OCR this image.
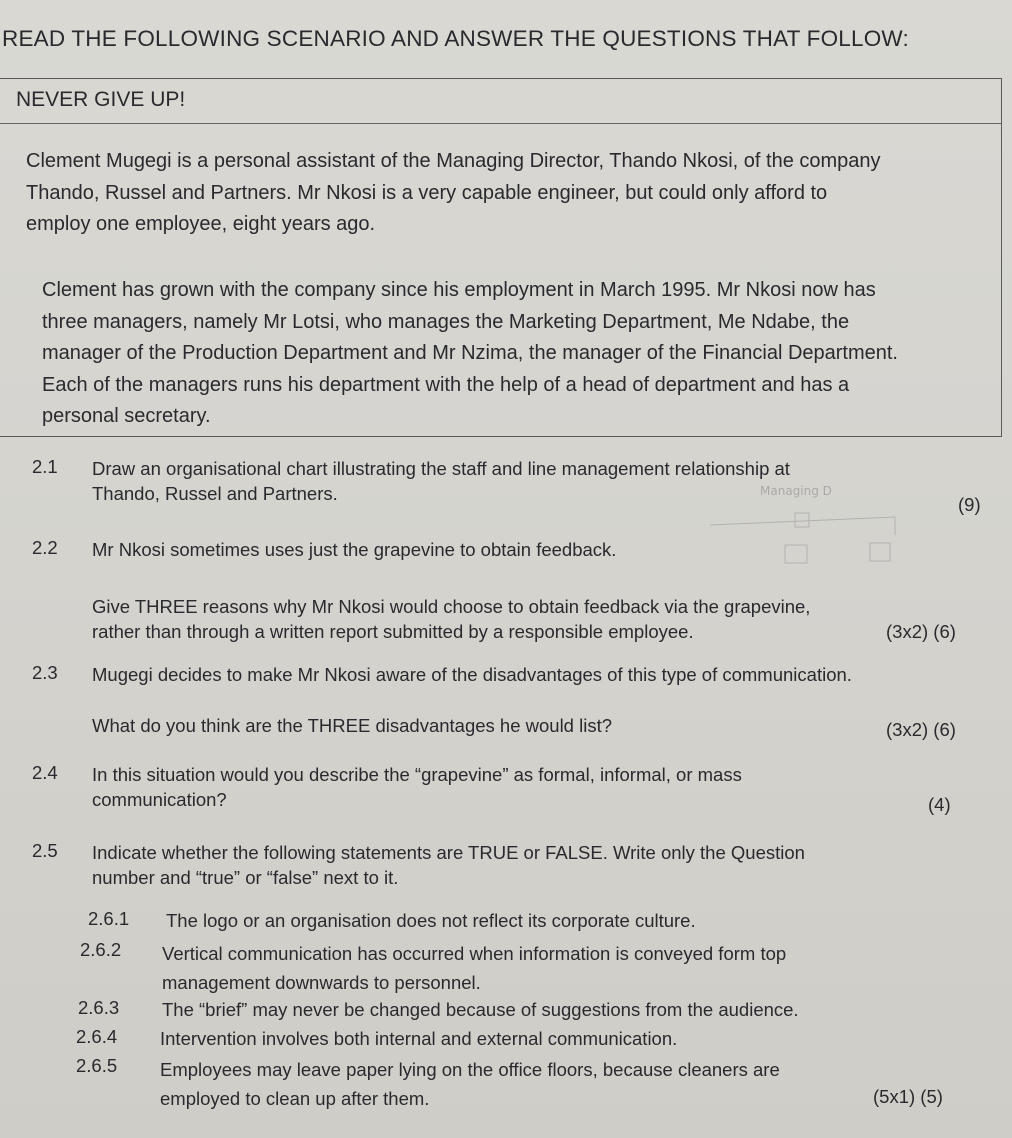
READ THE FOLLOWING SCENARIO AND ANSWER THE QUESTIONS THAT FOLLOW:
NEVER GIVE UP!
Clement Mugegi is a personal assistant of the Managing Director, Thando Nkosi, of the company
Thando, Russel and Partners. Mr Nkosi is a very capable engineer, but could only afford to
employ one employee, eight years ago.
Clement has grown with the company since his employment in March 1995. Mr Nkosi now has
three managers, namely Mr Lotsi, who manages the Marketing Department, Me Ndabe, the
manager of the Production Department and Mr Nzima, the manager of the Financial Department.
Each of the managers runs his department with the help of a head of department and has a
personal secretary.
2.1 Draw an organisational chart illustrating the staff and line management relationship at
Thando, Russel and Partners.
(9)
Managing D
2.2 Mr Nkosi sometimes uses just the grapevine to obtain feedback.
Give THREE reasons why Mr Nkosi would choose to obtain feedback via the grapevine,
rather than through a written report submitted by a responsible employee.	(3x2) (6)
2.3 Mugegi decides to make Mr Nkosi aware of the disadvantages of this type of communication.
What do you think are the THREE disadvantages he would list?	(3x2) (6)
2.4 In this situation would you describe the “grapevine” as formal, informal, or mass
communication?	(4)
2.5 Indicate whether the following statements are TRUE or FALSE. Write only the Question
number and “true” or “false” next to it.
2.6.1 The logo or an organisation does not reflect its corporate culture.
2.6.2 Vertical communication has occurred when information is conveyed form top
management downwards to personnel.
2.6.3 The “brief” may never be changed because of suggestions from the audience.
2.6.4 Intervention involves both internal and external communication.
2.6.5 Employees may leave paper lying on the office floors, because cleaners are
employed to clean up after them.	(5x1) (5)
